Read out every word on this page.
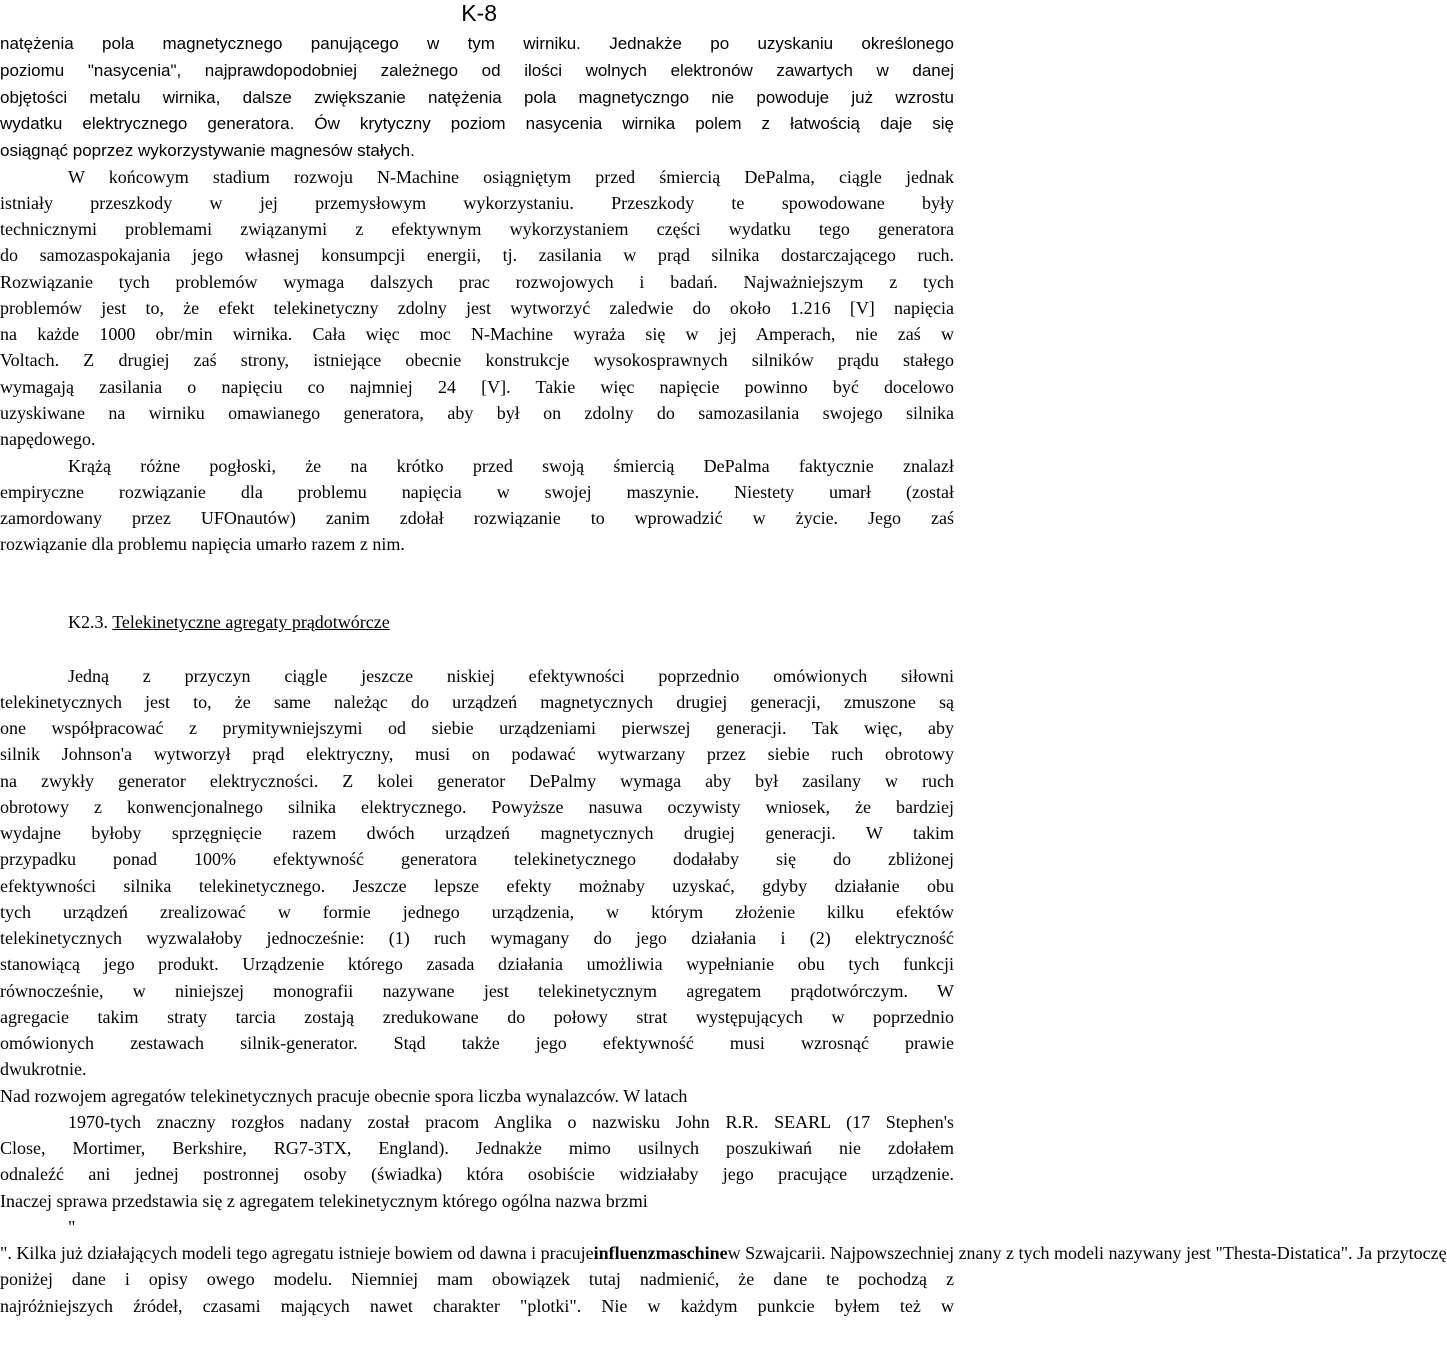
K-8
natężenia pola magnetycznego panującego w tym wirniku. Jednakże po uzyskaniu określonego
poziomu "nasycenia", najprawdopodobniej zależnego od ilości wolnych elektronów zawartych w danej
objętości metalu wirnika, dalsze zwiększanie natężenia pola magnetyczngo nie powoduje już wzrostu
wydatku elektrycznego generatora. Ów krytyczny poziom nasycenia wirnika polem z łatwością daje się
osiągnąć poprzez wykorzystywanie magnesów stałych.
W końcowym stadium rozwoju N-Machine osiągniętym przed śmiercią DePalma, ciągle jednak
istniały przeszkody w jej przemysłowym wykorzystaniu. Przeszkody te spowodowane były
technicznymi problemami związanymi z efektywnym wykorzystaniem części wydatku tego generatora
do samozaspokajania jego własnej konsumpcji energii, tj. zasilania w prąd silnika dostarczającego ruch.
Rozwiązanie tych problemów wymaga dalszych prac rozwojowych i badań. Najważniejszym z tych
problemów jest to, że efekt telekinetyczny zdolny jest wytworzyć zaledwie do około 1.216 [V] napięcia
na każde 1000 obr/min wirnika. Cała więc moc N-Machine wyraża się w jej Amperach, nie zaś w
Voltach. Z drugiej zaś strony, istniejące obecnie konstrukcje wysokosprawnych silników prądu stałego
wymagają zasilania o napięciu co najmniej 24 [V]. Takie więc napięcie powinno być docelowo
uzyskiwane na wirniku omawianego generatora, aby był on zdolny do samozasilania swojego silnika
napędowego.
Krążą różne pogłoski, że na krótko przed swoją śmiercią DePalma faktycznie znalazł
empiryczne rozwiązanie dla problemu napięcia w swojej maszynie. Niestety umarł (został
zamordowany przez UFOnautów) zanim zdołał rozwiązanie to wprowadzić w życie. Jego zaś
rozwiązanie dla problemu napięcia umarło razem z nim.
K2.3. Telekinetyczne agregaty prądotwórcze
Jedną z przyczyn ciągle jeszcze niskiej efektywności poprzednio omówionych siłowni
telekinetycznych jest to, że same należąc do urządzeń magnetycznych drugiej generacji, zmuszone są
one współpracować z prymitywniejszymi od siebie urządzeniami pierwszej generacji. Tak więc, aby
silnik Johnson'a wytworzył prąd elektryczny, musi on podawać wytwarzany przez siebie ruch obrotowy
na zwykły generator elektryczności. Z kolei generator DePalmy wymaga aby był zasilany w ruch
obrotowy z konwencjonalnego silnika elektrycznego. Powyższe nasuwa oczywisty wniosek, że bardziej
wydajne byłoby sprzęgnięcie razem dwóch urządzeń magnetycznych drugiej generacji. W takim
przypadku ponad 100% efektywność generatora telekinetycznego dodałaby się do zbliżonej
efektywności silnika telekinetycznego. Jeszcze lepsze efekty możnaby uzyskać, gdyby działanie obu
tych urządzeń zrealizować w formie jednego urządzenia, w którym złożenie kilku efektów
telekinetycznych wyzwalałoby jednocześnie: (1) ruch wymagany do jego działania i (2) elektryczność
stanowiącą jego produkt. Urządzenie którego zasada działania umożliwia wypełnianie obu tych funkcji
równocześnie, w niniejszej monografii nazywane jest telekinetycznym agregatem prądotwórczym. W
agregacie takim straty tarcia zostają zredukowane do połowy strat występujących w poprzednio
omówionych zestawach silnik-generator. Stąd także jego efektywność musi wzrosnąć prawie
dwukrotnie.
Nad rozwojem agregatów telekinetycznych pracuje obecnie spora liczba wynalazców. W latach
1970-tych znaczny rozgłos nadany został pracom Anglika o nazwisku John R.R. SEARL (17 Stephen's
Close, Mortimer, Berkshire, RG7-3TX, England). Jednakże mimo usilnych poszukiwań nie zdołałem
odnaleźć ani jednej postronnej osoby (świadka) która osobiście widziałaby jego pracujące urządzenie.
Inaczej sprawa przedstawia się z agregatem telekinetycznym którego ogólna nazwa brzmi
"
". Kilka już działających modeli tego agregatu istnieje bowiem od dawna i pracujeinfluenzmaschinew Szwajcarii. Najpowszechniej znany z tych modeli nazywany jest "Thesta-Distatica". Ja przytoczę
poniżej dane i opisy owego modelu. Niemniej mam obowiązek tutaj nadmienić, że dane te pochodzą z
najróżniejszych źródeł, czasami mających nawet charakter "plotki". Nie w każdym punkcie byłem też w
